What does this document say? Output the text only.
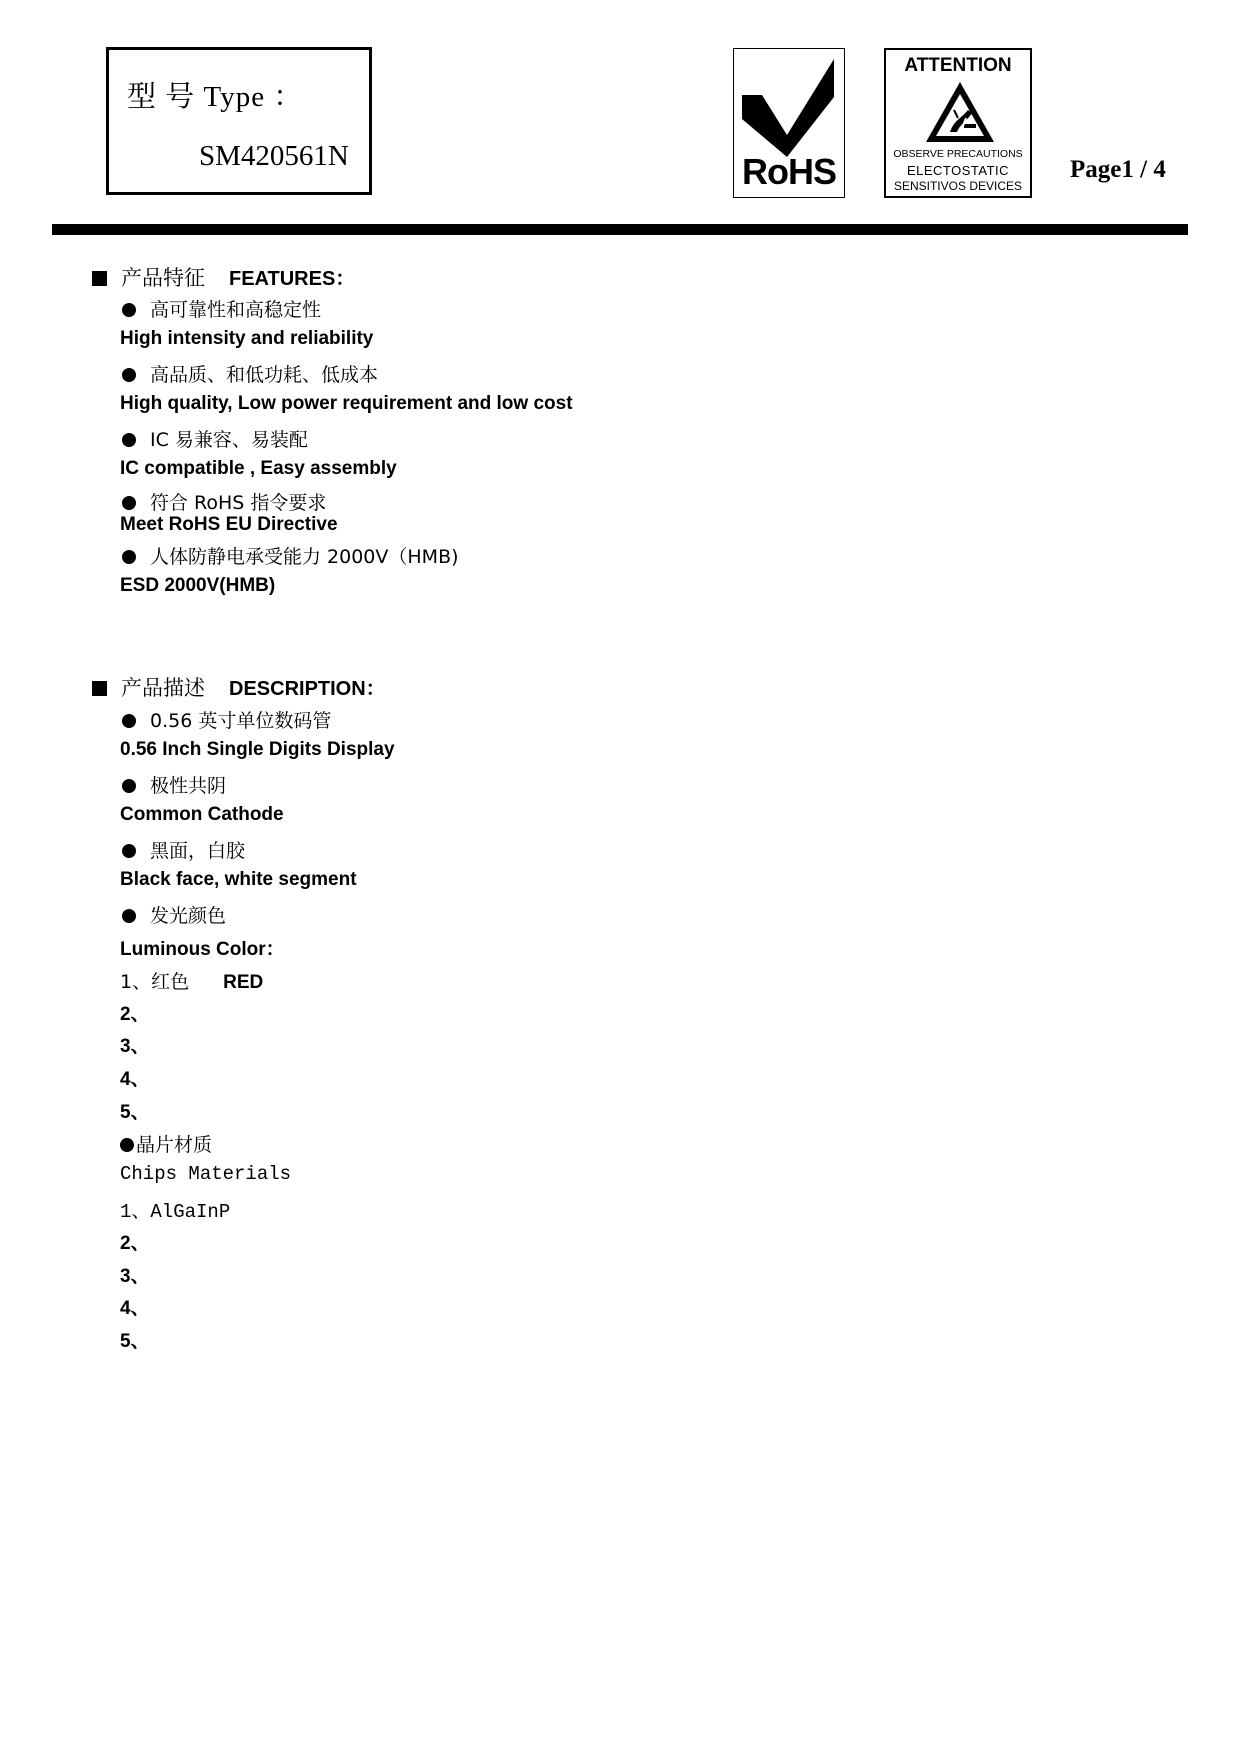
型 号 Type ：
SM420561N	RoHS
ATTENTION
OBSERVE PRECAUTIONS
ELECTOSTATIC
SENSITIVOS DEVICES
Page1 / 4
产品特征 FEATURES：
高可靠性和高稳定性
High intensity and reliability
高品质、和低功耗、低成本
High quality, Low power requirement and low cost
IC 易兼容、易装配
IC compatible , Easy assembly
符合 RoHS 指令要求
Meet RoHS EU Directive
人体防静电承受能力 2000V（HMB)
ESD 2000V(HMB)
产品描述 DESCRIPTION：
0.56 英寸单位数码管
0.56 Inch Single Digits Display
极性共阴
Common Cathode
黑面，白胶
Black face, white segment
发光颜色
Luminous Color：
1、红色 RED
2、
3、
4、
5、
晶片材质
Chips Materials
1、AlGaInP
2、
3、
4、
5、
